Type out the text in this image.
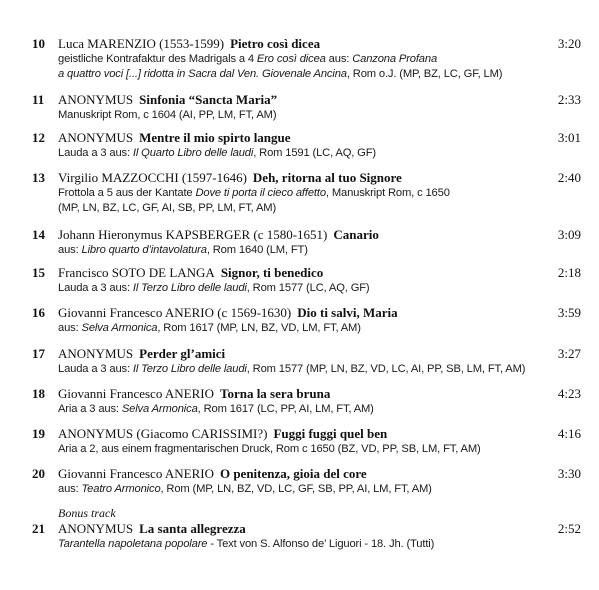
Bonus track
10 Luca MARENZIO (1553-1599) Pietro così dicea	3:20
geistliche Kontrafaktur des Madrigals a 4 Ero così dicea aus: Canzona Profana
a quattro voci [...] ridotta in Sacra dal Ven. Giovenale Ancina, Rom o.J. (MP, BZ, LC, GF, LM)
11 ANONYMUS Sinfonia “Sancta Maria”	2:33
Manuskript Rom, c 1604 (AI, PP, LM, FT, AM)
12 ANONYMUS Mentre il mio spirto langue	3:01
Lauda a 3 aus: Il Quarto Libro delle laudi, Rom 1591 (LC, AQ, GF)
13 Virgilio MAZZOCCHI (1597-1646) Deh, ritorna al tuo Signore	2:40
Frottola a 5 aus der Kantate Dove ti porta il cieco affetto, Manuskript Rom, c 1650
(MP, LN, BZ, LC, GF, AI, SB, PP, LM, FT, AM)
14 Johann Hieronymus KAPSBERGER (c 1580-1651) Canario	3:09
aus: Libro quarto d’intavolatura, Rom 1640 (LM, FT)
15 Francisco SOTO DE LANGA Signor, ti benedico	2:18
Lauda a 3 aus: Il Terzo Libro delle laudi, Rom 1577 (LC, AQ, GF)
16 Giovanni Francesco ANERIO (c 1569-1630) Dio ti salvi, Maria	3:59
aus: Selva Armonica, Rom 1617 (MP, LN, BZ, VD, LM, FT, AM)
17 ANONYMUS Perder gl’amici	3:27
Lauda a 3 aus: Il Terzo Libro delle laudi, Rom 1577 (MP, LN, BZ, VD, LC, AI, PP, SB, LM, FT, AM)
18 Giovanni Francesco ANERIO Torna la sera bruna	4:23
Aria a 3 aus: Selva Armonica, Rom 1617 (LC, PP, AI, LM, FT, AM)
19 ANONYMUS (Giacomo CARISSIMI?) Fuggi fuggi quel ben	4:16
Aria a 2, aus einem fragmentarischen Druck, Rom c 1650 (BZ, VD, PP, SB, LM, FT, AM)
20 Giovanni Francesco ANERIO O penitenza, gioia del core	3:30
aus: Teatro Armonico, Rom (MP, LN, BZ, VD, LC, GF, SB, PP, AI, LM, FT, AM)
21 ANONYMUS La santa allegrezza	2:52
Tarantella napoletana popolare - Text von S. Alfonso de’ Liguori - 18. Jh. (Tutti)
